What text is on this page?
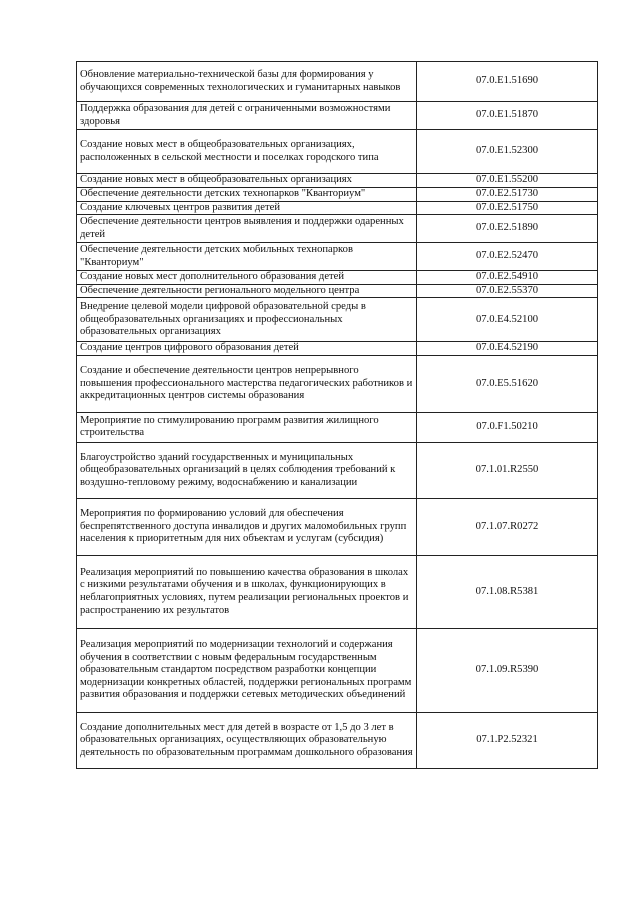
Обновление материально-технической базы для формирования у обучающихся современных технологических и гуманитарных навыков	07.0.E1.51690
Поддержка образования для детей с ограниченными возможностями здоровья	07.0.E1.51870
Создание новых мест в общеобразовательных организациях, расположенных в сельской местности и поселках городского типа	07.0.E1.52300
Создание новых мест в общеобразовательных организациях	07.0.E1.55200
Обеспечение деятельности детских технопарков "Кванториум"	07.0.E2.51730
Создание ключевых центров развития детей	07.0.E2.51750
Обеспечение деятельности центров выявления и поддержки одаренных детей	07.0.E2.51890
Обеспечение деятельности детских мобильных технопарков "Кванториум"	07.0.E2.52470
Создание новых мест дополнительного образования детей	07.0.E2.54910
Обеспечение деятельности регионального модельного центра	07.0.E2.55370
Внедрение целевой модели цифровой образовательной среды в общеобразовательных организациях и профессиональных образовательных организациях	07.0.E4.52100
Создание центров цифрового образования детей	07.0.E4.52190
Создание и обеспечение деятельности центров непрерывного повышения профессионального мастерства педагогических работников и аккредитационных центров системы образования	07.0.E5.51620
Мероприятие по стимулированию программ развития жилищного строительства	07.0.F1.50210
Благоустройство зданий государственных и муниципальных общеобразовательных организаций в целях соблюдения требований к воздушно-тепловому режиму, водоснабжению и канализации	07.1.01.R2550
Мероприятия по формированию условий для обеспечения беспрепятственного доступа инвалидов и других маломобильных групп населения к приоритетным для них объектам и услугам (субсидия)	07.1.07.R0272
Реализация мероприятий по повышению качества образования в школах с низкими результатами обучения и в школах, функционирующих в неблагоприятных условиях, путем реализации региональных проектов и распространению их результатов	07.1.08.R5381
Реализация мероприятий по модернизации технологий и содержания обучения в соответствии с новым федеральным государственным образовательным стандартом посредством разработки концепции модернизации конкретных областей, поддержки региональных программ развития образования и поддержки сетевых методических объединений	07.1.09.R5390
Создание дополнительных мест для детей в возрасте от 1,5 до 3 лет в образовательных организациях, осуществляющих образовательную деятельность по образовательным программам дошкольного образования	07.1.P2.52321
